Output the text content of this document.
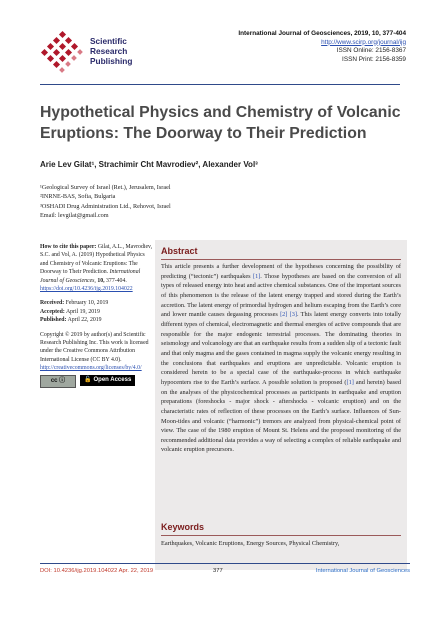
Scientific
Research
Publishing
International Journal of Geosciences, 2019, 10, 377-404
http://www.scirp.org/journal/ijg
ISSN Online: 2156-8367
ISSN Print: 2156-8359
Hypothetical Physics and Chemistry of Volcanic Eruptions: The Doorway to Their Prediction
Arie Lev Gilat¹, Strachimir Cht Mavrodiev², Alexander Vol³
¹Geological Survey of Israel (Ret.), Jerusalem, Israel
²INRNE-BAS, Sofia, Bulgaria
³OSHADI Drug Administration Ltd., Rehovot, Israel
Email: levgilat@gmail.com

How to cite this paper: Gilat, A.L., Mavrodiev, S.C. and Vol, A. (2019) Hypothetical Physics and Chemistry of Volcanic Eruptions: The Doorway to Their Prediction. International Journal of Geosciences, 10, 377-404.
https://doi.org/10.4236/ijg.2019.104022

Received: February 10, 2019
Accepted: April 19, 2019
Published: April 22, 2019

Copyright © 2019 by author(s) and Scientific Research Publishing Inc. This work is licensed under the Creative Commons Attribution International License (CC BY 4.0).
http://creativecommons.org/licenses/by/4.0/

cc ⓘ	🔓 Open Access
Abstract
This article presents a further development of the hypotheses concerning the possibility of predicting (“tectonic”) earthquakes [1]. Those hypotheses are based on the conversion of all types of released energy into heat and active chemical substances. One of the important sources of this phenomenon is the release of the latent energy trapped and stored during the Earth’s accretion. The latent energy of primordial hydrogen and helium escaping from the Earth’s core and lower mantle causes degassing processes [2] [3]. This latent energy converts into totally different types of chemical, electromagnetic and thermal energies of active compounds that are responsible for the major endogenic terrestrial processes. The dominating theories in seismology and volcanology are that an earthquake results from a sudden slip of a tectonic fault and that only magma and the gases contained in magma supply the volcanic energy resulting in the conclusions that earthquakes and eruptions are unpredictable. Volcanic eruption is considered herein to be a special case of the earthquake-process in which earthquake hypocenters rise to the Earth’s surface. A possible solution is proposed ([1] and herein) based on the analyses of the physicochemical processes as participants in earthquake and eruption preparations (foreshocks - major shock - aftershocks - volcanic eruption) and on the characteristic rates of reflection of these processes on the Earth’s surface. Influences of Sun-Moon-tides and volcanic (“harmonic”) tremors are analyzed from physical-chemical point of view. The case of the 1980 eruption of Mount St. Helens and the proposed monitoring of the recommended additional data provides a way of selecting a complex of reliable earthquake and volcanic eruption precursors.
Keywords
Earthquakes, Volcanic Eruptions, Energy Sources, Physical Chemistry,
DOI: 10.4236/ijg.2019.104022 Apr. 22, 2019	377	International Journal of Geosciences
